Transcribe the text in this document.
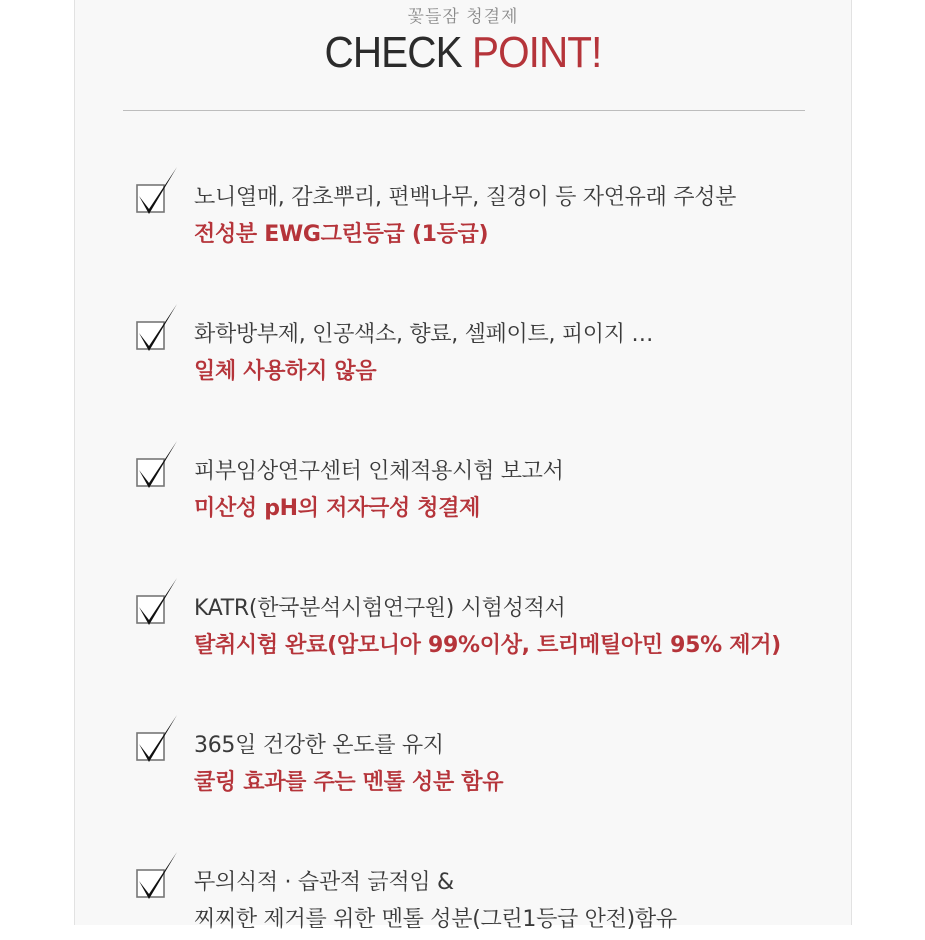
꽃들잠 청결제
CHECK POINT!
노니열매, 감초뿌리, 편백나무, 질경이 등 자연유래 주성분
전성분 EWG그린등급 (1등급)
화학방부제, 인공색소, 향료, 셀페이트, 피이지 …
일체 사용하지 않음
피부임상연구센터 인체적용시험 보고서
미산성 pH의 저자극성 청결제
KATR(한국분석시험연구원) 시험성적서
탈취시험 완료(암모니아 99%이상, 트리메틸아민 95% 제거)
365일 건강한 온도를 유지
쿨링 효과를 주는 멘톨 성분 함유
무의식적 · 습관적 긁적임 &
찌찌한 제거를 위한 멘톨 성분(그린1등급 안전)함유
